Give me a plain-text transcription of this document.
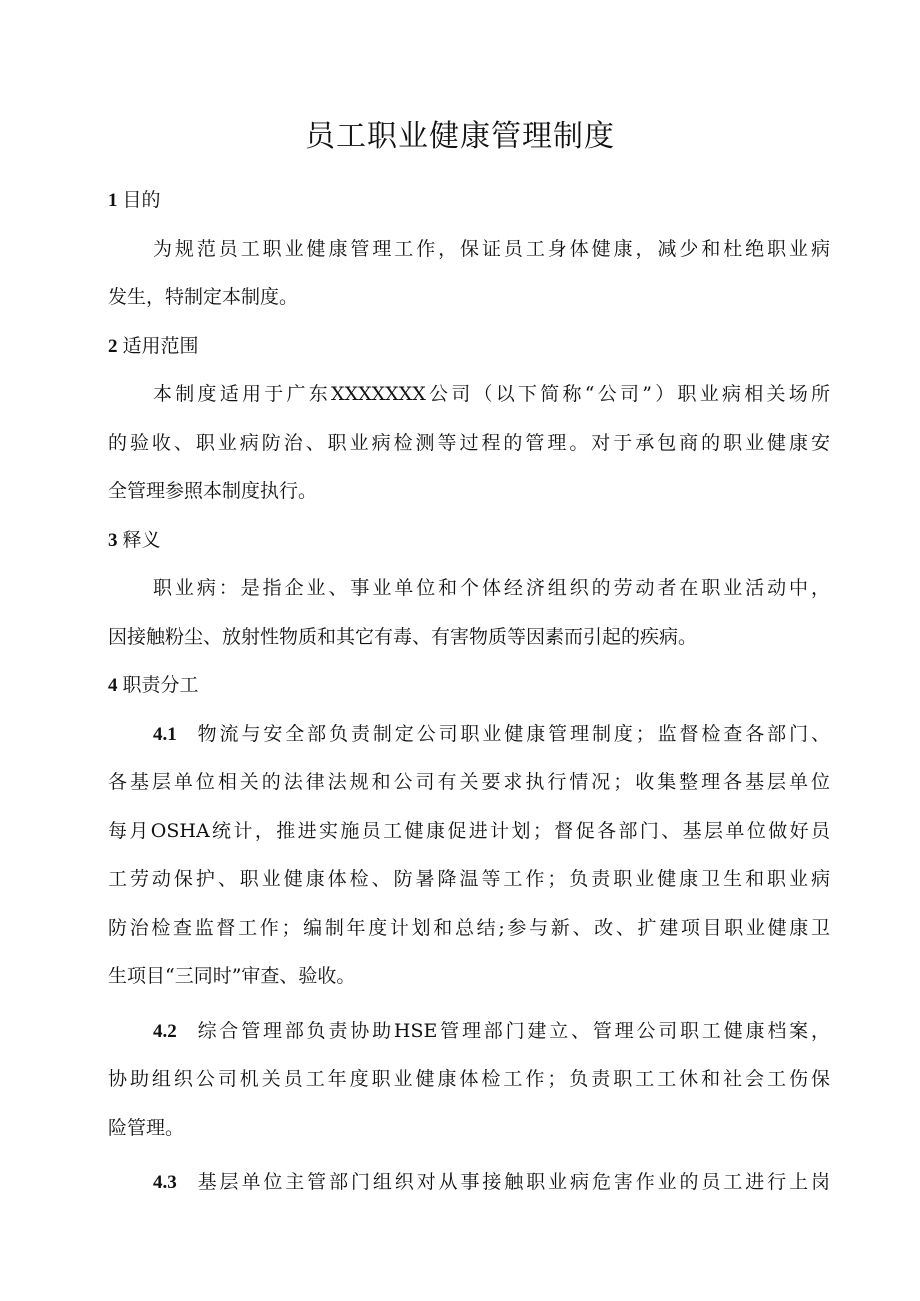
员工职业健康管理制度
1 目的
为规范员工职业健康管理工作，保证员工身体健康，减少和杜绝职业病
发生，特制定本制度。
2 适用范围
本制度适用于广东XXXXXXX公司（以下简称“公司”）职业病相关场所
的验收、职业病防治、职业病检测等过程的管理。对于承包商的职业健康安
全管理参照本制度执行。
3 释义
职业病：是指企业、事业单位和个体经济组织的劳动者在职业活动中，
因接触粉尘、放射性物质和其它有毒、有害物质等因素而引起的疾病。
4 职责分工
4.1 物流与安全部负责制定公司职业健康管理制度；监督检查各部门、
各基层单位相关的法律法规和公司有关要求执行情况；收集整理各基层单位
每月OSHA统计，推进实施员工健康促进计划；督促各部门、基层单位做好员
工劳动保护、职业健康体检、防暑降温等工作；负责职业健康卫生和职业病
防治检查监督工作；编制年度计划和总结;参与新、改、扩建项目职业健康卫
生项目“三同时”审查、验收。
4.2 综合管理部负责协助HSE管理部门建立、管理公司职工健康档案，
协助组织公司机关员工年度职业健康体检工作；负责职工工休和社会工伤保
险管理。
4.3 基层单位主管部门组织对从事接触职业病危害作业的员工进行上岗
